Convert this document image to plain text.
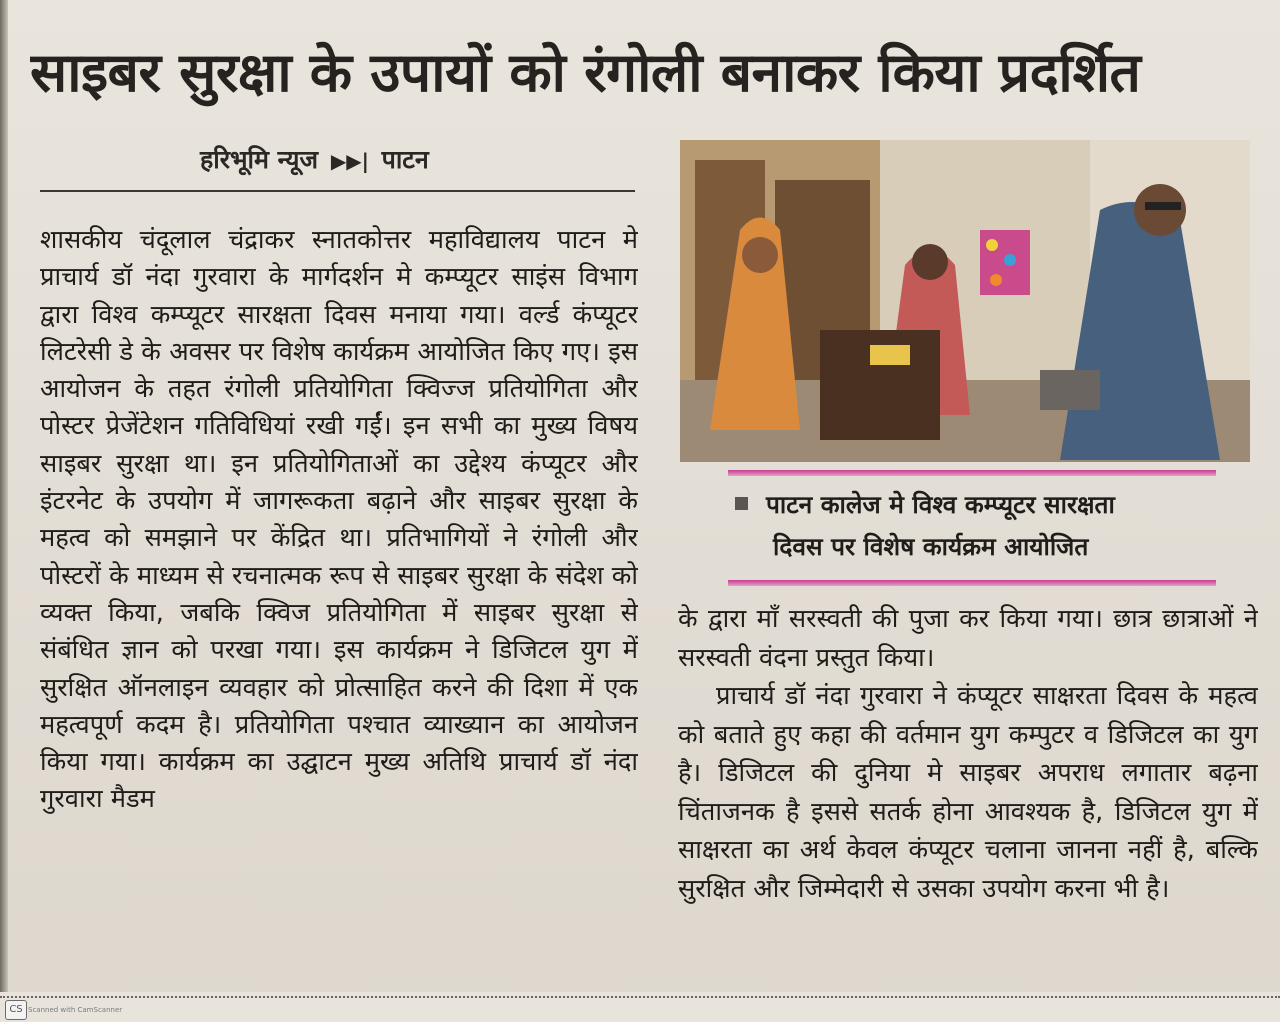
साइबर सुरक्षा के उपायों को रंगोली बनाकर किया प्रदर्शित
हरिभूमि न्यूज ▶▶| पाटन

शासकीय चंदूलाल चंद्राकर स्नातकोत्तर महाविद्यालय पाटन मे प्राचार्य डॉ नंदा गुरवारा के मार्गदर्शन मे कम्प्यूटर साइंस विभाग द्वारा विश्व कम्प्यूटर सारक्षता दिवस मनाया गया। वर्ल्ड कंप्यूटर लिटरेसी डे के अवसर पर विशेष कार्यक्रम आयोजित किए गए। इस आयोजन के तहत रंगोली प्रतियोगिता क्विज्ज प्रतियोगिता और पोस्टर प्रेजेंटेशन गतिविधियां रखी गईं। इन सभी का मुख्य विषय साइबर सुरक्षा था। इन प्रतियोगिताओं का उद्देश्य कंप्यूटर और इंटरनेट के उपयोग में जागरूकता बढ़ाने और साइबर सुरक्षा के महत्व को समझाने पर केंद्रित था। प्रतिभागियों ने रंगोली और पोस्टरों के माध्यम से रचनात्मक रूप से साइबर सुरक्षा के संदेश को व्यक्त किया, जबकि क्विज प्रतियोगिता में साइबर सुरक्षा से संबंधित ज्ञान को परखा गया। इस कार्यक्रम ने डिजिटल युग में सुरक्षित ऑनलाइन व्यवहार को प्रोत्साहित करने की दिशा में एक महत्वपूर्ण कदम है। प्रतियोगिता पश्चात व्याख्यान का आयोजन किया गया। कार्यक्रम का उद्घाटन मुख्य अतिथि प्राचार्य डॉ नंदा गुरवारा मैडम

पाटन कालेज मे विश्व कम्प्यूटर सारक्षता
दिवस पर विशेष कार्यक्रम आयोजित

के द्वारा माँ सरस्वती की पुजा कर किया गया। छात्र छात्राओं ने सरस्वती वंदना प्रस्तुत किया।

प्राचार्य डॉ नंदा गुरवारा ने कंप्यूटर साक्षरता दिवस के महत्व को बताते हुए कहा की वर्तमान युग कम्पुटर व डिजिटल का युग है। डिजिटल की दुनिया मे साइबर अपराध लगातार बढ़ना चिंताजनक है इससे सतर्क होना आवश्यक है, डिजिटल युग में साक्षरता का अर्थ केवल कंप्यूटर चलाना जानना नहीं है, बल्कि सुरक्षित और जिम्मेदारी से उसका उपयोग करना भी है।

CS Scanned with CamScanner
